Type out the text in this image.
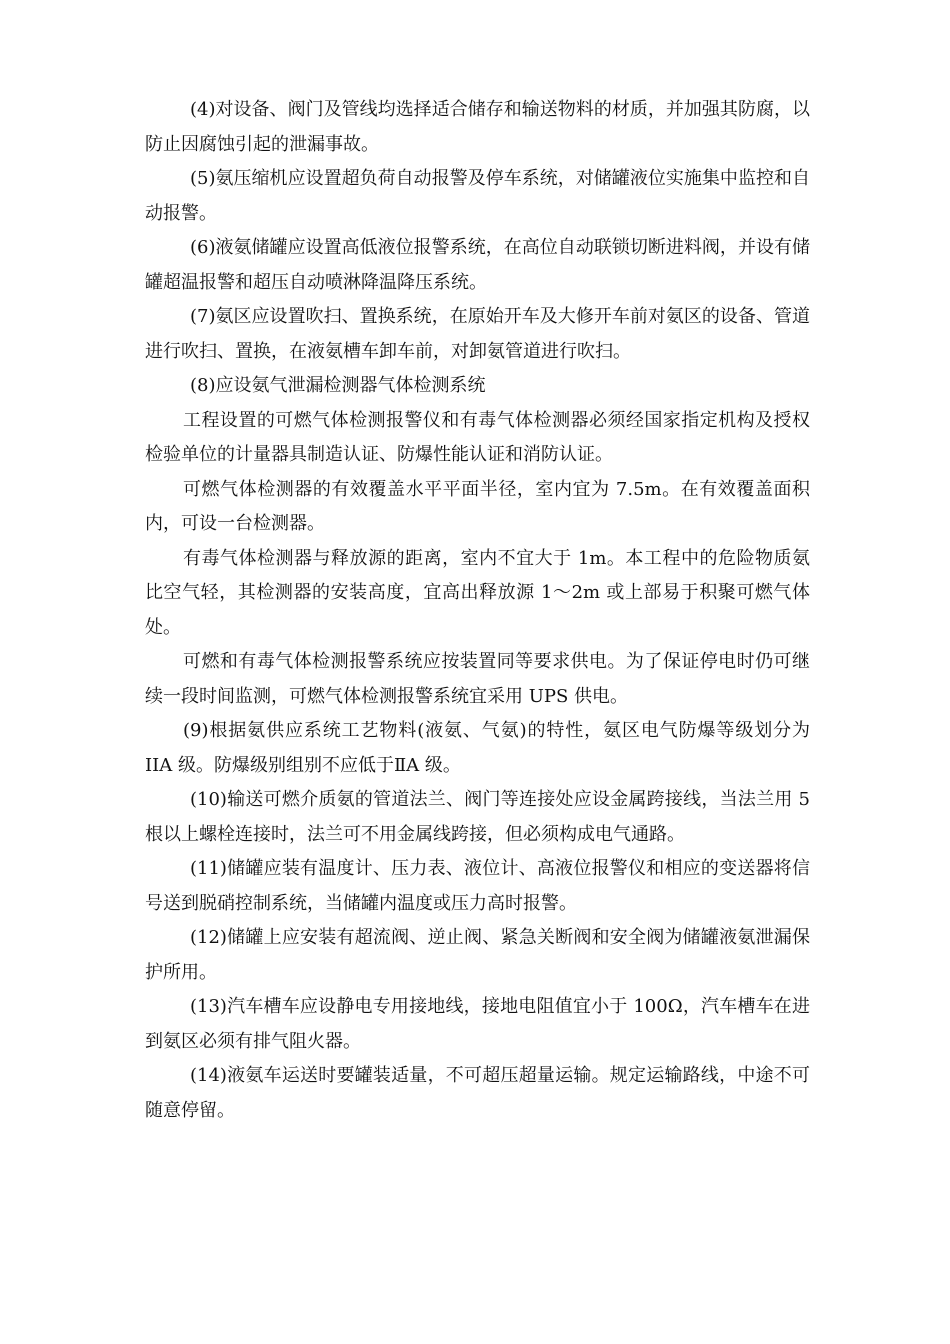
(4)对设备、阀门及管线均选择适合储存和输送物料的材质，并加强其防腐，以防止因腐蚀引起的泄漏事故。

(5)氨压缩机应设置超负荷自动报警及停车系统，对储罐液位实施集中监控和自动报警。

(6)液氨储罐应设置高低液位报警系统，在高位自动联锁切断进料阀，并设有储罐超温报警和超压自动喷淋降温降压系统。

(7)氨区应设置吹扫、置换系统，在原始开车及大修开车前对氨区的设备、管道进行吹扫、置换，在液氨槽车卸车前，对卸氨管道进行吹扫。

(8)应设氨气泄漏检测器气体检测系统

工程设置的可燃气体检测报警仪和有毒气体检测器必须经国家指定机构及授权检验单位的计量器具制造认证、防爆性能认证和消防认证。

可燃气体检测器的有效覆盖水平平面半径，室内宜为 7.5m。在有效覆盖面积内，可设一台检测器。

有毒气体检测器与释放源的距离，室内不宜大于 1m。本工程中的危险物质氨比空气轻，其检测器的安装高度，宜高出释放源 1～2m 或上部易于积聚可燃气体处。

可燃和有毒气体检测报警系统应按装置同等要求供电。为了保证停电时仍可继续一段时间监测，可燃气体检测报警系统宜采用 UPS 供电。

(9)根据氨供应系统工艺物料(液氨、气氨)的特性，氨区电气防爆等级划分为 IIA 级。防爆级别组别不应低于ⅡA 级。

(10)输送可燃介质氨的管道法兰、阀门等连接处应设金属跨接线，当法兰用 5 根以上螺栓连接时，法兰可不用金属线跨接，但必须构成电气通路。

(11)储罐应装有温度计、压力表、液位计、高液位报警仪和相应的变送器将信号送到脱硝控制系统，当储罐内温度或压力高时报警。

(12)储罐上应安装有超流阀、逆止阀、紧急关断阀和安全阀为储罐液氨泄漏保护所用。

(13)汽车槽车应设静电专用接地线，接地电阻值宜小于 100Ω，汽车槽车在进到氨区必须有排气阻火器。

(14)液氨车运送时要罐装适量，不可超压超量运输。规定运输路线，中途不可随意停留。
